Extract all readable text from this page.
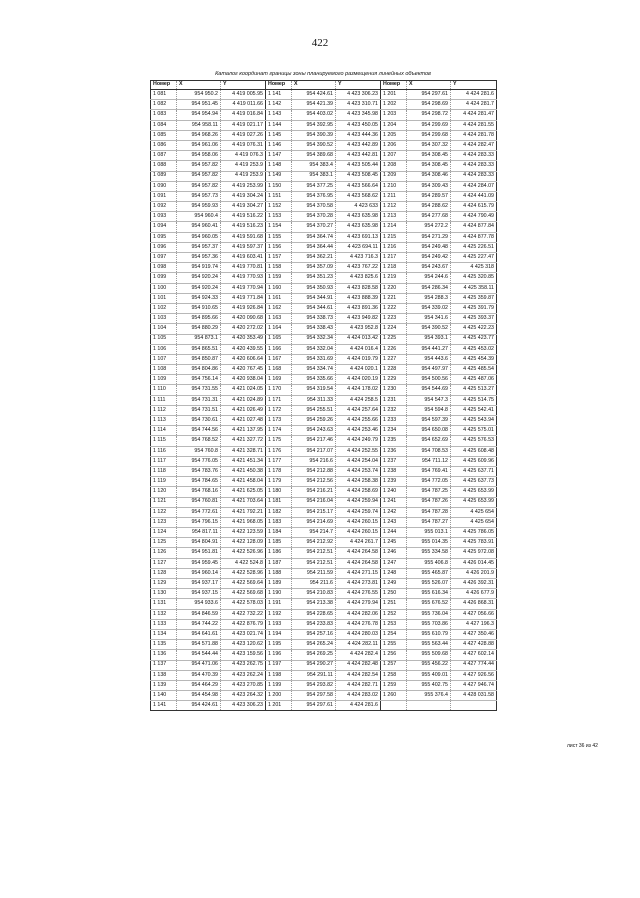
422
Каталог координат границы зоны планируемого размещения линейных объектов
Номер	X	Y	Номер	X	Y	Номер	X	Y
1 081	954 950.2	4 419 005.95	1 141	954 424.61	4 423 306.23	1 201	954 297.61	4 424 281.6
1 082	954 951.45	4 419 011.66	1 142	954 421.39	4 423 310.71	1 202	954 298.69	4 424 281.7
1 083	954 954.94	4 419 016.84	1 143	954 403.02	4 423 345.98	1 203	954 298.72	4 424 281.47
1 084	954 958.11	4 419 021.17	1 144	954 392.95	4 423 450.05	1 204	954 299.69	4 424 281.55
1 085	954 968.26	4 419 027.26	1 145	954 390.39	4 423 444.36	1 205	954 299.68	4 424 281.78
1 086	954 961.06	4 419 076.31	1 146	954 390.52	4 423 442.89	1 206	954 307.32	4 424 282.47
1 087	954 958.06	4 419 076.3	1 147	954 389.68	4 423 442.81	1 207	954 308.45	4 424 283.33
1 088	954 957.82	4 419 253.9	1 148	954 383.4	4 423 505.44	1 208	954 308.45	4 424 283.33
1 089	954 957.82	4 419 253.9	1 149	954 383.1	4 423 508.45	1 209	954 308.46	4 424 283.33
1 090	954 957.82	4 419 253.99	1 150	954 377.25	4 423 566.64	1 210	954 309.43	4 424 284.07
1 091	954 957.73	4 419 304.24	1 151	954 376.95	4 423 568.62	1 211	954 289.57	4 424 441.09
1 092	954 959.93	4 419 304.27	1 152	954 370.58	4 423 633	1 212	954 288.62	4 424 615.79
1 093	954 960.4	4 419 516.22	1 153	954 370.28	4 423 635.98	1 213	954 277.68	4 424 790.49
1 094	954 960.41	4 419 516.23	1 154	954 370.27	4 423 635.98	1 214	954 272.2	4 424 877.84
1 095	954 960.05	4 419 591.68	1 155	954 364.74	4 423 691.13	1 215	954 271.29	4 424 877.78
1 096	954 957.37	4 419 597.37	1 156	954 364.44	4 423 694.11	1 216	954 249.48	4 425 226.51
1 097	954 957.36	4 419 603.41	1 157	954 362.21	4 423 716.3	1 217	954 249.42	4 425 227.47
1 098	954 919.74	4 419 770.81	1 158	954 357.09	4 423 767.22	1 218	954 243.67	4 425 318
1 099	954 920.24	4 419 770.93	1 159	954 351.23	4 423 825.6	1 219	954 244.6	4 425 320.85
1 100	954 920.24	4 419 770.94	1 160	954 350.93	4 423 828.58	1 220	954 286.34	4 425 358.11
1 101	954 924.33	4 419 771.84	1 161	954 344.91	4 423 888.39	1 221	954 288.3	4 425 359.87
1 102	954 910.65	4 419 926.84	1 162	954 344.61	4 423 891.36	1 222	954 339.02	4 425 391.79
1 103	954 895.66	4 420 090.68	1 163	954 338.73	4 423 949.82	1 223	954 341.6	4 425 393.37
1 104	954 880.29	4 420 272.02	1 164	954 338.43	4 423 952.8	1 224	954 390.52	4 425 422.23
1 105	954 873.1	4 420 353.49	1 165	954 332.34	4 424 013.42	1 225	954 393.1	4 425 423.77
1 106	954 865.51	4 420 439.55	1 166	954 332.04	4 424 016.4	1 226	954 441.27	4 425 453.02
1 107	954 850.87	4 420 606.64	1 167	954 331.69	4 424 019.79	1 227	954 443.6	4 425 454.39
1 108	954 804.86	4 420 767.45	1 168	954 334.74	4 424 020.1	1 228	954 497.97	4 425 485.54
1 109	954 756.14	4 420 938.04	1 169	954 335.66	4 424 020.19	1 229	954 500.56	4 425 487.06
1 110	954 731.55	4 421 024.05	1 170	954 319.54	4 424 178.02	1 230	954 544.69	4 425 513.27
1 111	954 731.31	4 421 024.89	1 171	954 311.33	4 424 258.5	1 231	954 547.3	4 425 514.75
1 112	954 731.51	4 421 026.49	1 172	954 255.51	4 424 257.64	1 232	954 594.8	4 425 542.41
1 113	954 730.61	4 421 027.48	1 173	954 259.26	4 424 255.66	1 233	954 597.39	4 425 543.94
1 114	954 744.56	4 421 137.95	1 174	954 243.63	4 424 253.46	1 234	954 650.08	4 425 575.01
1 115	954 768.52	4 421 327.72	1 175	954 217.46	4 424 249.79	1 235	954 652.69	4 425 576.53
1 116	954 760.8	4 421 328.71	1 176	954 217.07	4 424 252.55	1 236	954 708.53	4 425 608.48
1 117	954 776.05	4 421 451.34	1 177	954 216.6	4 424 254.04	1 237	954 711.12	4 425 609.96
1 118	954 783.76	4 421 450.38	1 178	954 212.88	4 424 253.74	1 238	954 769.41	4 425 637.71
1 119	954 784.65	4 421 458.04	1 179	954 212.56	4 424 258.38	1 239	954 772.05	4 425 637.73
1 120	954 768.16	4 421 625.05	1 180	954 216.21	4 424 258.69	1 240	954 787.25	4 425 653.99
1 121	954 760.81	4 421 703.64	1 181	954 216.04	4 424 259.94	1 241	954 787.26	4 425 653.99
1 122	954 772.61	4 421 792.21	1 182	954 215.17	4 424 259.74	1 242	954 787.28	4 425 654
1 123	954 796.15	4 421 968.05	1 183	954 214.69	4 424 260.15	1 243	954 787.27	4 425 654
1 124	954 817.11	4 422 123.59	1 184	954 214.7	4 424 260.15	1 244	955 013.1	4 425 786.05
1 125	954 804.91	4 422 128.09	1 185	954 212.92	4 424 261.7	1 245	955 014.35	4 425 783.91
1 126	954 951.81	4 422 526.96	1 186	954 212.51	4 424 264.58	1 246	955 334.58	4 425 972.08
1 127	954 959.45	4 422 524.8	1 187	954 212.51	4 424 264.58	1 247	955 406.8	4 426 014.45
1 128	954 960.14	4 422 528.96	1 188	954 211.59	4 424 271.15	1 248	955 465.87	4 426 201.9
1 129	954 937.17	4 422 569.64	1 189	954 211.6	4 424 273.81	1 249	955 526.07	4 426 392.31
1 130	954 937.15	4 422 569.68	1 190	954 210.83	4 424 276.55	1 250	955 616.34	4 426 677.9
1 131	954 933.6	4 422 578.03	1 191	954 213.38	4 424 279.94	1 251	955 676.52	4 426 868.31
1 132	954 846.59	4 422 732.22	1 192	954 228.65	4 424 282.06	1 252	955 736.04	4 427 056.66
1 133	954 744.22	4 422 876.79	1 193	954 233.83	4 424 276.78	1 253	955 703.86	4 427 196.3
1 134	954 641.61	4 423 021.74	1 194	954 257.16	4 424 280.03	1 254	955 610.79	4 427 350.46
1 135	954 571.88	4 423 120.62	1 195	954 265.24	4 424 282.11	1 255	955 563.44	4 427 428.88
1 136	954 544.44	4 423 159.56	1 196	954 269.25	4 424 282.4	1 256	955 509.68	4 427 602.14
1 137	954 471.06	4 423 262.75	1 197	954 290.27	4 424 282.48	1 257	955 456.22	4 427 774.44
1 138	954 470.39	4 423 262.24	1 198	954 291.11	4 424 282.54	1 258	955 409.01	4 427 926.56
1 139	954 464.29	4 423 270.85	1 199	954 293.82	4 424 282.71	1 259	955 402.75	4 427 946.74
1 140	954 454.98	4 423 264.32	1 200	954 297.58	4 424 283.02	1 260	955 376.4	4 428 031.58
1 141	954 424.61	4 423 306.23	1 201	954 297.61	4 424 281.6			
лист 36 из 42
